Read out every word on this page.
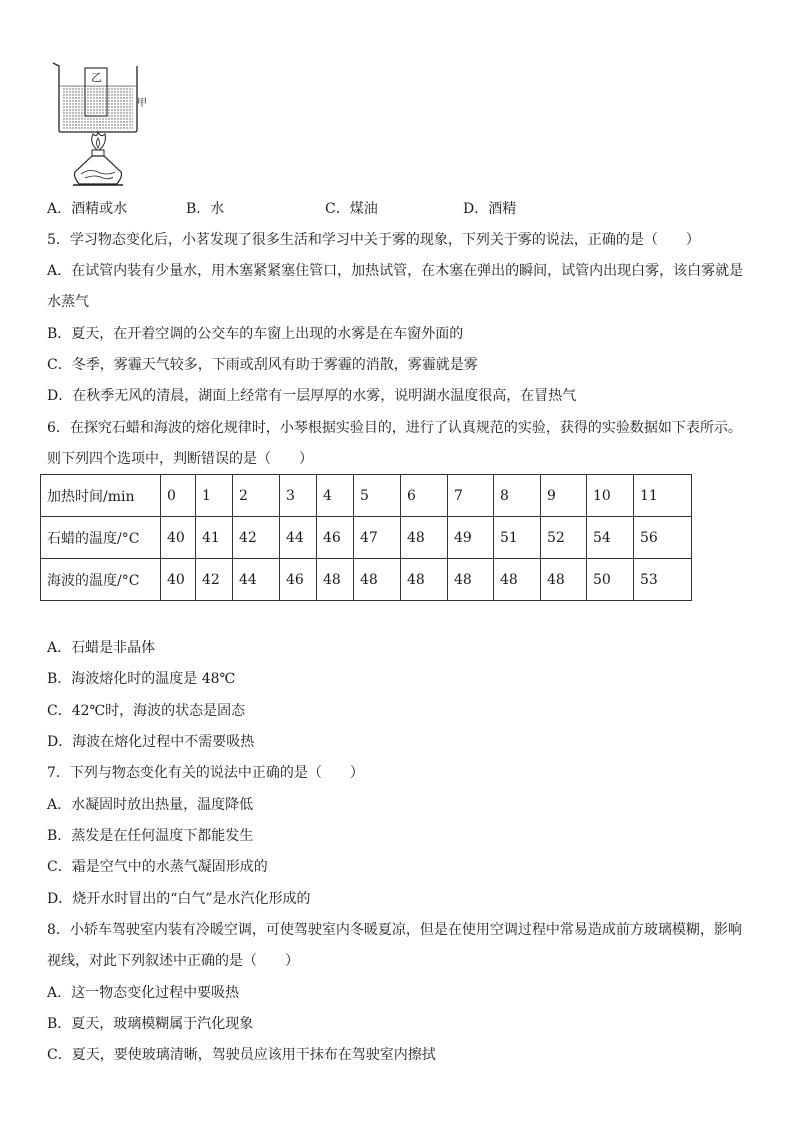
乙
甲
A．酒精或水	B．水	C．煤油	D．酒精
5．学习物态变化后，小茗发现了很多生活和学习中关于雾的现象，下列关于雾的说法，正确的是（　　）
A．在试管内装有少量水，用木塞紧紧塞住管口，加热试管，在木塞在弹出的瞬间，试管内出现白雾，该白雾就是
水蒸气
B．夏天，在开着空调的公交车的车窗上出现的水雾是在车窗外面的
C．冬季，雾霾天气较多，下雨或刮风有助于雾霾的消散，雾霾就是雾
D．在秋季无风的清晨，湖面上经常有一层厚厚的水雾，说明湖水温度很高，在冒热气
6．在探究石蜡和海波的熔化规律时，小琴根据实验目的，进行了认真规范的实验，获得的实验数据如下表所示。
则下列四个选项中，判断错误的是（　　）
加热时间/min	0	1	2	3	4	5	6	7	8	9	10	11
石蜡的温度/°C	40	41	42	44	46	47	48	49	51	52	54	56
海波的温度/°C	40	42	44	46	48	48	48	48	48	48	50	53
A．石蜡是非晶体
B．海波熔化时的温度是 48℃
C．42℃时，海波的状态是固态
D．海波在熔化过程中不需要吸热
7．下列与物态变化有关的说法中正确的是（　　）
A．水凝固时放出热量，温度降低
B．蒸发是在任何温度下都能发生
C．霜是空气中的水蒸气凝固形成的
D．烧开水时冒出的“白气”是水汽化形成的
8．小轿车驾驶室内装有冷暖空调，可使驾驶室内冬暖夏凉，但是在使用空调过程中常易造成前方玻璃模糊，影响
视线，对此下列叙述中正确的是（　　）
A．这一物态变化过程中要吸热
B．夏天，玻璃模糊属于汽化现象
C．夏天，要使玻璃清晰，驾驶员应该用干抹布在驾驶室内擦拭
